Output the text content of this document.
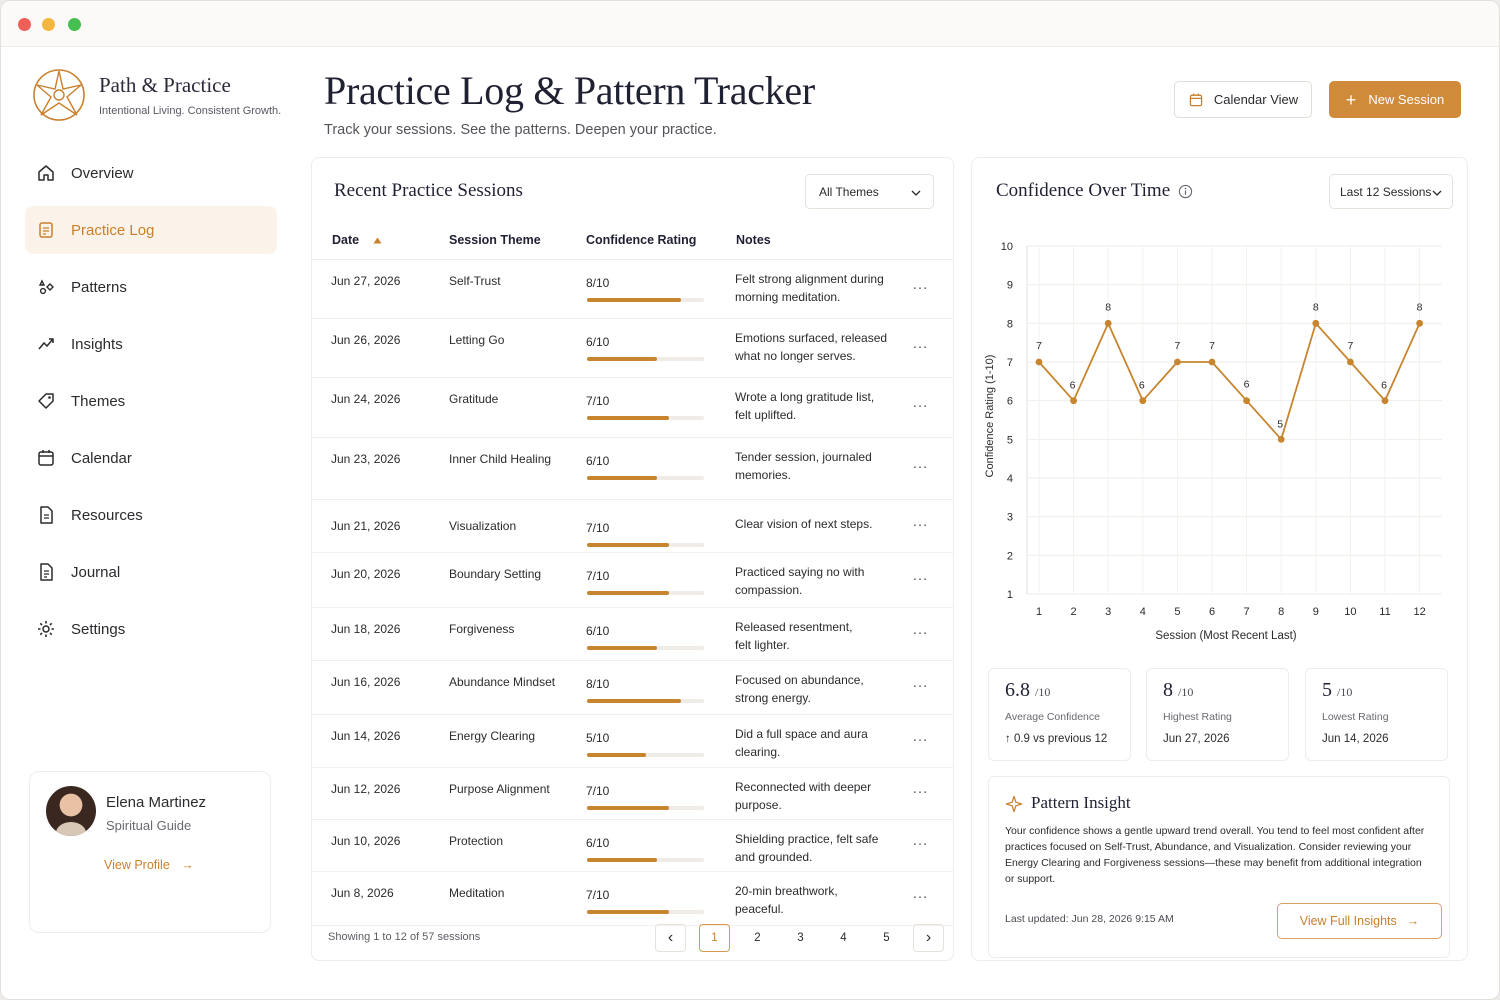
Path & Practice
Intentional Living. Consistent Growth.
Overview
Practice Log
Patterns
Insights
Themes
Calendar
Resources
Journal
Settings
Elena Martinez
Spiritual Guide
View Profile →
Practice Log & Pattern Tracker
Track your sessions. See the patterns. Deepen your practice.
Calendar View	+ New Session
Recent Practice Sessions	All Themes
Date	Session Theme	Confidence Rating	Notes
Jun 27, 2026	Self-Trust	8/10	Felt strong alignment during
morning meditation.
…
Jun 26, 2026	Letting Go	6/10	Emotions surfaced, released
what no longer serves.
…
Jun 24, 2026	Gratitude	7/10	Wrote a long gratitude list,
felt uplifted.
…
Jun 23, 2026	Inner Child Healing	6/10	Tender session, journaled
memories.
…
Jun 21, 2026	Visualization	7/10	Clear vision of next steps.	…
Jun 20, 2026	Boundary Setting	7/10	Practiced saying no with
compassion.
…
Jun 18, 2026	Forgiveness	6/10	Released resentment,
felt lighter.
…
Jun 16, 2026	Abundance Mindset	8/10	Focused on abundance,
strong energy.
…
Jun 14, 2026	Energy Clearing	5/10	Did a full space and aura
clearing.
…
Jun 12, 2026	Purpose Alignment	7/10	Reconnected with deeper
purpose.
…
Jun 10, 2026	Protection	6/10	Shielding practice, felt safe
and grounded.
…
Jun 8, 2026	Meditation	7/10	20-min breathwork,
peaceful.
…
Showing 1 to 12 of 57 sessions	‹	1	2	3	4	5	›
Confidence Over Time	Last 12 Sessions
1
2
3
4
5
6
7
8
9
10
1	2	3	4	5	6	7	8	9 10 11 12
Session (Most Recent Last)
Confidence Rating (1-10)
7
6
8
6
7	7
6
5
8
7
6
8
6.8 /10
Average Confidence
↑ 0.9 vs previous 12
8 /10
Highest Rating
Jun 27, 2026
5 /10
Lowest Rating
Jun 14, 2026
Pattern Insight
Your confidence shows a gentle upward trend overall. You tend to feel most confident after practices focused on Self-Trust, Abundance, and Visualization. Consider reviewing your Energy Clearing and Forgiveness sessions—these may benefit from additional integration or support.
Last updated: Jun 28, 2026 9:15 AM	View Full Insights →
